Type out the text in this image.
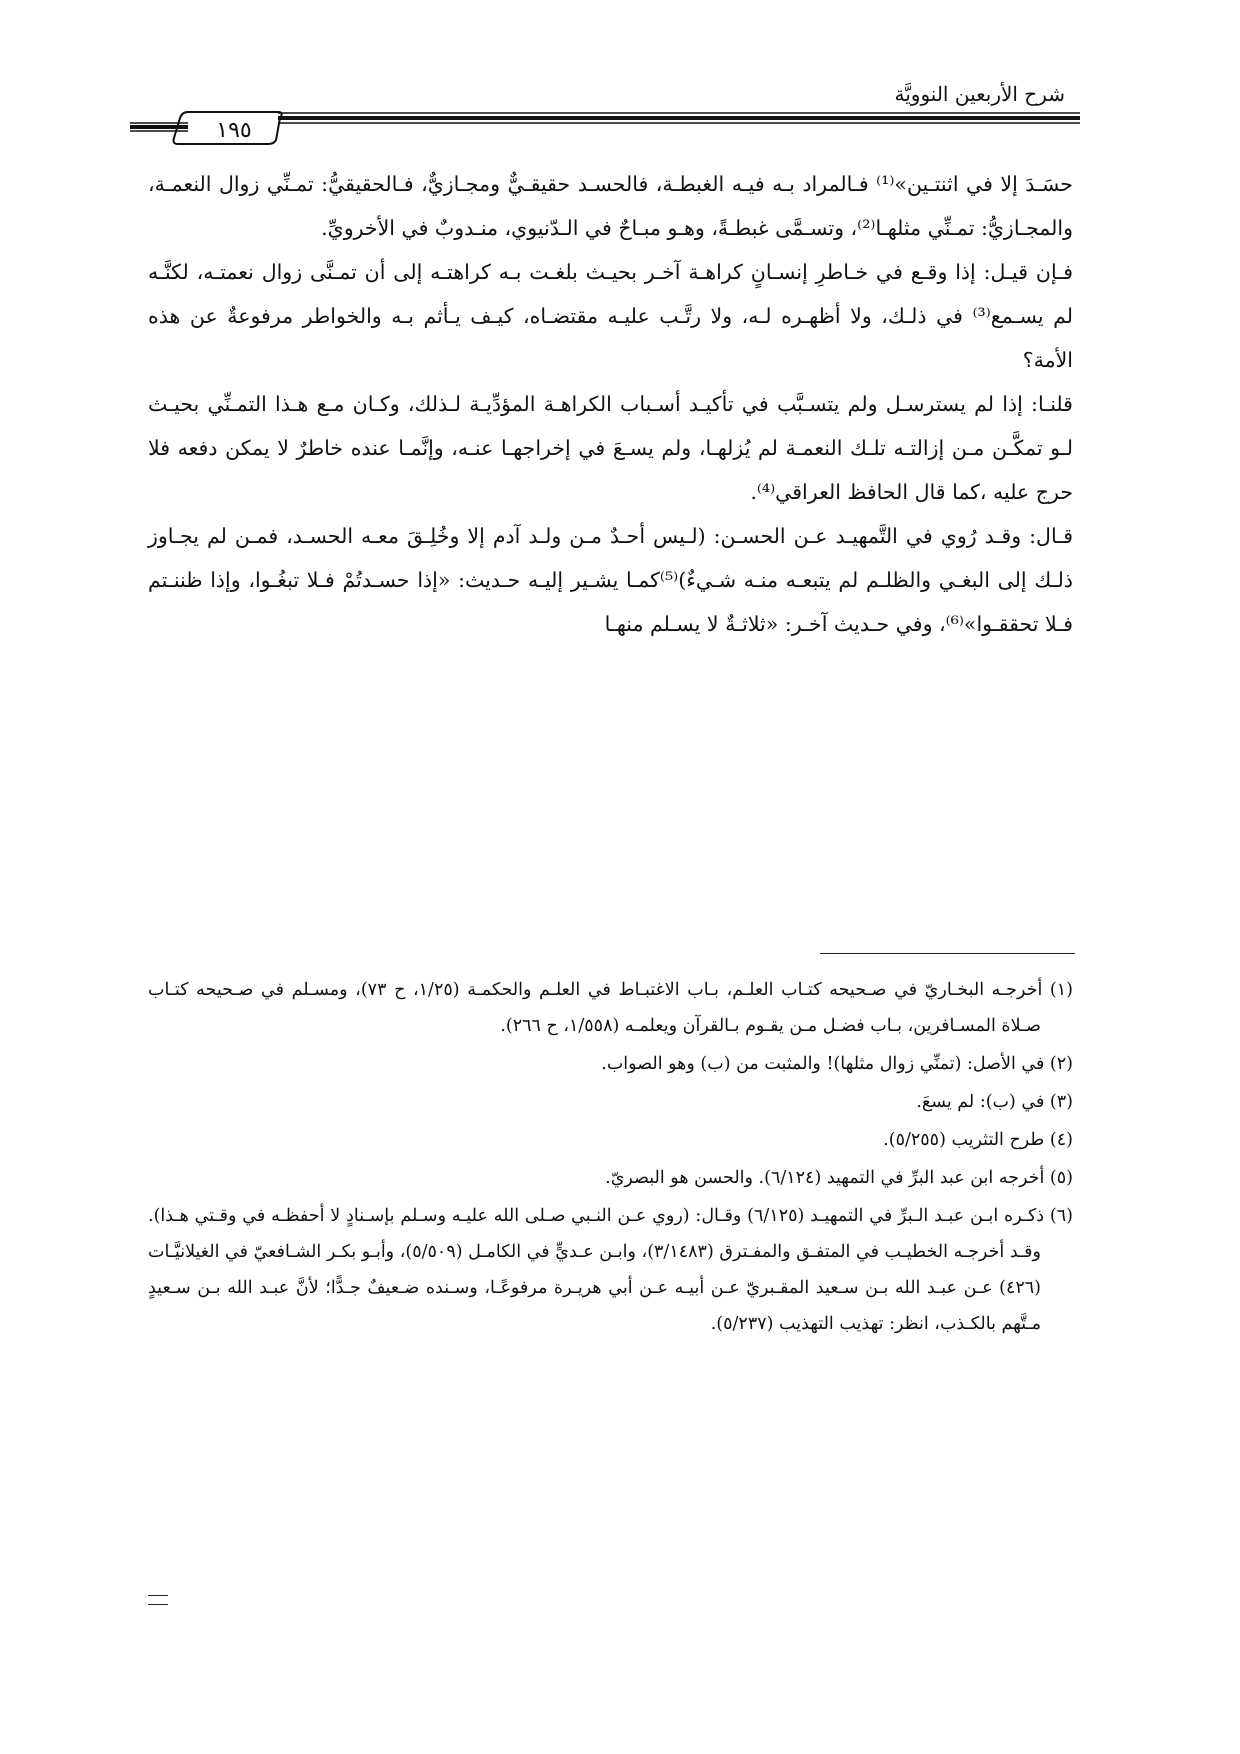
شرح الأربعين النوويَّة
١٩٥

حسَـدَ إلا في اثنتـين»⁽¹⁾ فـالمراد بـه فيـه الغبطـة، فالحسـد حقيقـيٌّ ومجـازيٌّ، فـالحقيقيُّ: تمـنِّي زوال النعمـة، والمجـازيُّ: تمـنِّي مثلهـا⁽²⁾، وتسـمَّى غبطـةً، وهـو مبـاحٌ في الـدّنيوي، منـدوبٌ في الأخرويِّ.

فـإن قيـل: إذا وقـع في خـاطرِ إنسـانٍ كراهـة آخـر بحيـث بلغـت بـه كراهتـه إلى أن تمـنَّى زوال نعمتـه، لكنَّـه لم يسـمع⁽³⁾ في ذلـك، ولا أظهـره لـه، ولا رتَّـب عليـه مقتضـاه، كيـف يـأثم بـه والخواطر مرفوعةٌ عن هذه الأمة؟

قلنـا: إذا لم يسترسـل ولم يتسـبَّب في تأكيـد أسـباب الكراهـة المؤدِّيـة لـذلك، وكـان مـع هـذا التمـنِّي بحيـث لـو تمكَّـن مـن إزالتـه تلـك النعمـة لم يُزلهـا، ولم يسـعَ في إخراجهـا عنـه، وإنَّمـا عنده خاطرٌ لا يمكن دفعه فلا حرج عليه ،كما قال الحافظ العراقي⁽⁴⁾.

قـال: وقـد رُوي في التَّمهيـد عـن الحسـن: (لـيس أحـدٌ مـن ولـد آدم إلا وخُلِـقَ معـه الحسـد، فمـن لم يجـاوز ذلـك إلى البغـي والظلـم لم يتبعـه منـه شـيءٌ)⁽⁵⁾كمـا يشـير إليـه حـديث: «إذا حسـدتُمْ فـلا تبغُـوا، وإذا ظننـتم فـلا تحققـوا»⁽⁶⁾، وفي حـديث آخـر: «ثلاثـةٌ لا يسـلم منهـا

(١) أخرجـه البخـاريّ في صـحيحه كتـاب العلـم، بـاب الاغتبـاط في العلـم والحكمـة (١/٢٥، ح ٧٣)، ومسـلم في صـحيحه كتـاب صـلاة المسـافرين، بـاب فضـل مـن يقـوم بـالقرآن ويعلمـه (١/٥٥٨، ح ٢٦٦).

(٢) في الأصل: (تمنِّي زوال مثلها)! والمثبت من (ب) وهو الصواب.

(٣) في (ب): لم يسعَ.

(٤) طرح التثريب (٥/٢٥٥).

(٥) أخرجه ابن عبد البرِّ في التمهيد (٦/١٢٤). والحسن هو البصريّ.

(٦) ذكـره ابـن عبـد الـبرِّ في التمهيـد (٦/١٢٥) وقـال: (روي عـن النـبي صـلى الله عليـه وسـلم بإسـنادٍ لا أحفظـه في وقـتي هـذا). وقـد أخرجـه الخطيـب في المتفـق والمفـترق (٣/١٤٨٣)، وابـن عـديٍّ في الكامـل (٥/٥٠٩)، وأبـو بكـر الشـافعيّ في الغيلانيَّـات (٤٢٦) عـن عبـد الله بـن سـعيد المقـبريّ عـن أبيـه عـن أبي هريـرة مرفوعًـا، وسـنده ضـعيفٌ جـدًّا؛ لأنَّ عبـد الله بـن سـعيدٍ مـتَّهم بالكـذب، انظر: تهذيب التهذيب (٥/٢٣٧).
